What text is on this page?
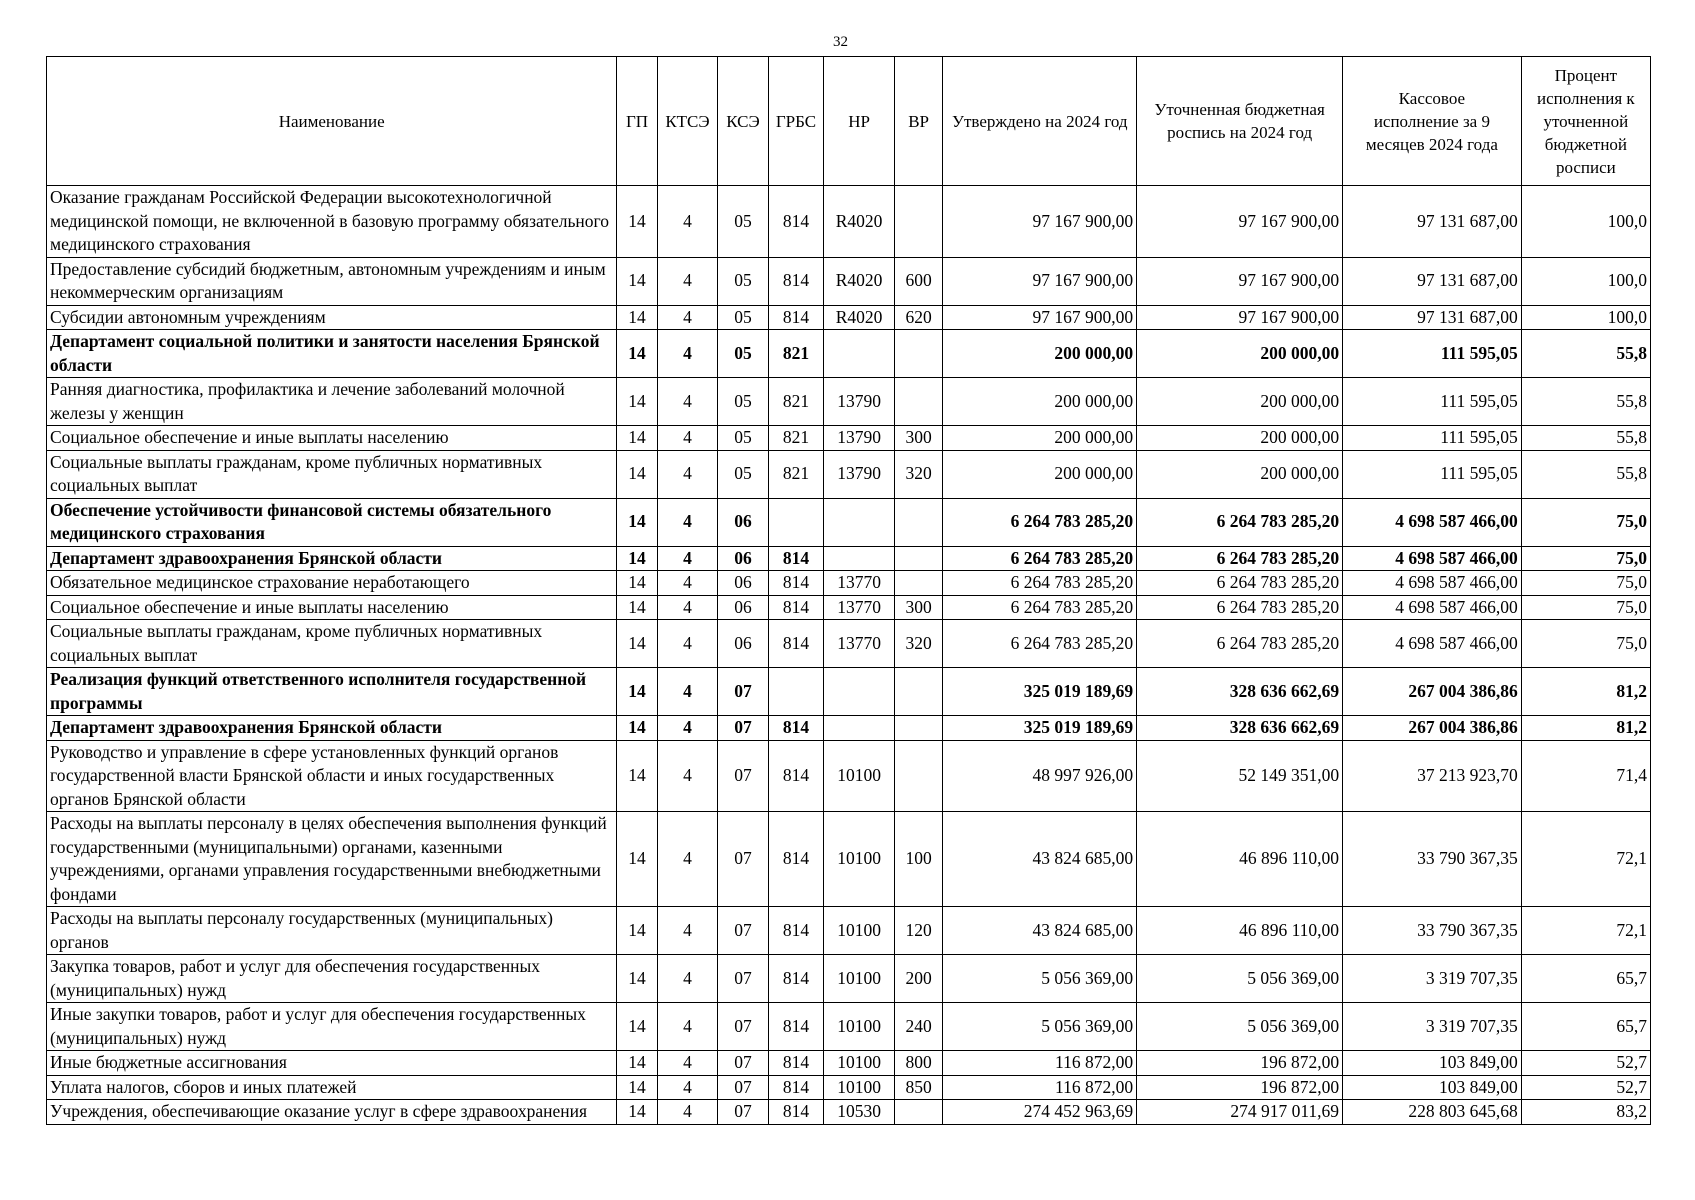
32
Наименование	ГП	КТСЭ	КСЭ	ГРБС	НР	ВР	Утверждено на 2024 год	Уточненная бюджетная роспись на 2024 год	Кассовое исполнение за 9 месяцев 2024 года	Процент исполнения к уточненной бюджетной росписи
Оказание гражданам Российской Федерации высокотехнологичной медицинской помощи, не включенной в базовую программу обязательного медицинского страхования	14	4	05	814	R4020		97 167 900,00	97 167 900,00	97 131 687,00	100,0
Предоставление субсидий бюджетным, автономным учреждениям и иным некоммерческим организациям	14	4	05	814	R4020	600	97 167 900,00	97 167 900,00	97 131 687,00	100,0
Субсидии автономным учреждениям	14	4	05	814	R4020	620	97 167 900,00	97 167 900,00	97 131 687,00	100,0
Департамент социальной политики и занятости населения Брянской области	14	4	05	821			200 000,00	200 000,00	111 595,05	55,8
Ранняя диагностика, профилактика и лечение заболеваний молочной железы у женщин	14	4	05	821	13790		200 000,00	200 000,00	111 595,05	55,8
Социальное обеспечение и иные выплаты населению	14	4	05	821	13790	300	200 000,00	200 000,00	111 595,05	55,8
Социальные выплаты гражданам, кроме публичных нормативных социальных выплат	14	4	05	821	13790	320	200 000,00	200 000,00	111 595,05	55,8
Обеспечение устойчивости финансовой системы обязательного медицинского страхования	14	4	06				6 264 783 285,20	6 264 783 285,20	4 698 587 466,00	75,0
Департамент здравоохранения Брянской области	14	4	06	814			6 264 783 285,20	6 264 783 285,20	4 698 587 466,00	75,0
Обязательное медицинское страхование неработающего	14	4	06	814	13770		6 264 783 285,20	6 264 783 285,20	4 698 587 466,00	75,0
Социальное обеспечение и иные выплаты населению	14	4	06	814	13770	300	6 264 783 285,20	6 264 783 285,20	4 698 587 466,00	75,0
Социальные выплаты гражданам, кроме публичных нормативных социальных выплат	14	4	06	814	13770	320	6 264 783 285,20	6 264 783 285,20	4 698 587 466,00	75,0
Реализация функций ответственного исполнителя государственной программы	14	4	07				325 019 189,69	328 636 662,69	267 004 386,86	81,2
Департамент здравоохранения Брянской области	14	4	07	814			325 019 189,69	328 636 662,69	267 004 386,86	81,2
Руководство и управление в сфере установленных функций органов государственной власти Брянской области и иных государственных органов Брянской области	14	4	07	814	10100		48 997 926,00	52 149 351,00	37 213 923,70	71,4
Расходы на выплаты персоналу в целях обеспечения выполнения функций государственными (муниципальными) органами, казенными учреждениями, органами управления государственными внебюджетными фондами	14	4	07	814	10100	100	43 824 685,00	46 896 110,00	33 790 367,35	72,1
Расходы на выплаты персоналу государственных (муниципальных) органов	14	4	07	814	10100	120	43 824 685,00	46 896 110,00	33 790 367,35	72,1
Закупка товаров, работ и услуг для обеспечения государственных (муниципальных) нужд	14	4	07	814	10100	200	5 056 369,00	5 056 369,00	3 319 707,35	65,7
Иные закупки товаров, работ и услуг для обеспечения государственных (муниципальных) нужд	14	4	07	814	10100	240	5 056 369,00	5 056 369,00	3 319 707,35	65,7
Иные бюджетные ассигнования	14	4	07	814	10100	800	116 872,00	196 872,00	103 849,00	52,7
Уплата налогов, сборов и иных платежей	14	4	07	814	10100	850	116 872,00	196 872,00	103 849,00	52,7
Учреждения, обеспечивающие оказание услуг в сфере здравоохранения	14	4	07	814	10530		274 452 963,69	274 917 011,69	228 803 645,68	83,2
